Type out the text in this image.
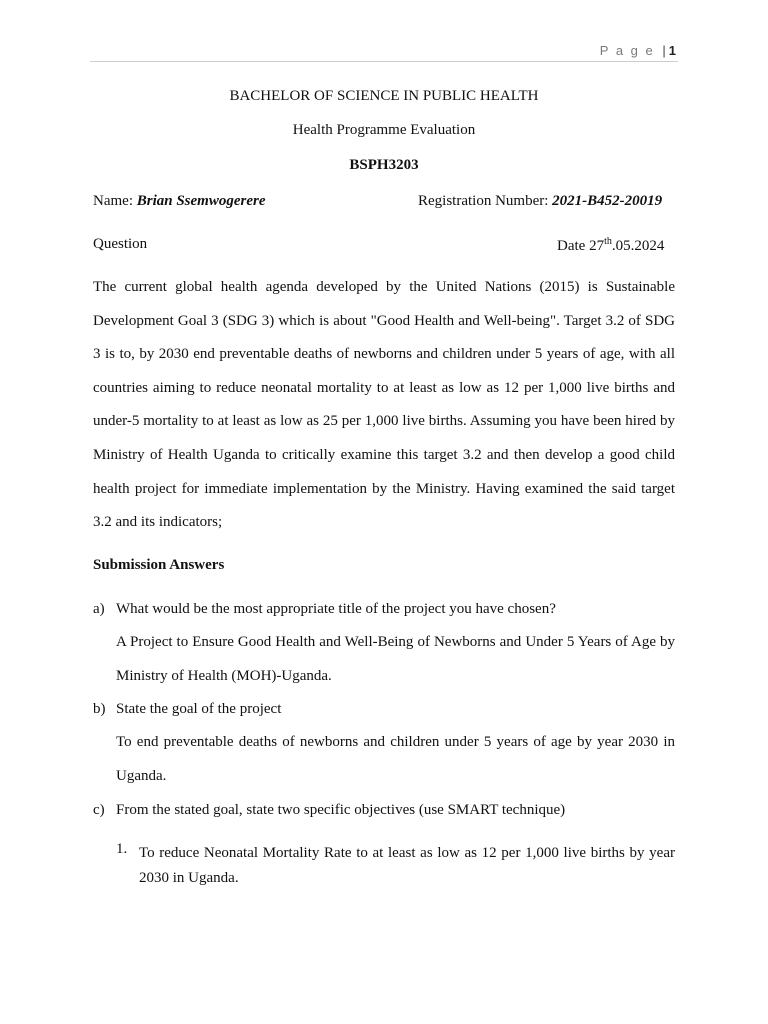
P a g e | 1
BACHELOR OF SCIENCE IN PUBLIC HEALTH
Health Programme Evaluation
BSPH3203
Name: Brian Ssemwogerere	Registration Number: 2021-B452-20019
Question	Date 27th.05.2024

The current global health agenda developed by the United Nations (2015) is Sustainable Development Goal 3 (SDG 3) which is about "Good Health and Well-being". Target 3.2 of SDG 3 is to, by 2030 end preventable deaths of newborns and children under 5 years of age, with all countries aiming to reduce neonatal mortality to at least as low as 12 per 1,000 live births and under-5 mortality to at least as low as 25 per 1,000 live births. Assuming you have been hired by Ministry of Health Uganda to critically examine this target 3.2 and then develop a good child health project for immediate implementation by the Ministry. Having examined the said target 3.2 and its indicators;

Submission Answers
a) What would be the most appropriate title of the project you have chosen?

A Project to Ensure Good Health and Well-Being of Newborns and Under 5 Years of Age by Ministry of Health (MOH)-Uganda.

b) State the goal of the project

To end preventable deaths of newborns and children under 5 years of age by year 2030 in Uganda.

c) From the stated goal, state two specific objectives (use SMART technique)
1. To reduce Neonatal Mortality Rate to at least as low as 12 per 1,000 live births by year 2030 in Uganda.
